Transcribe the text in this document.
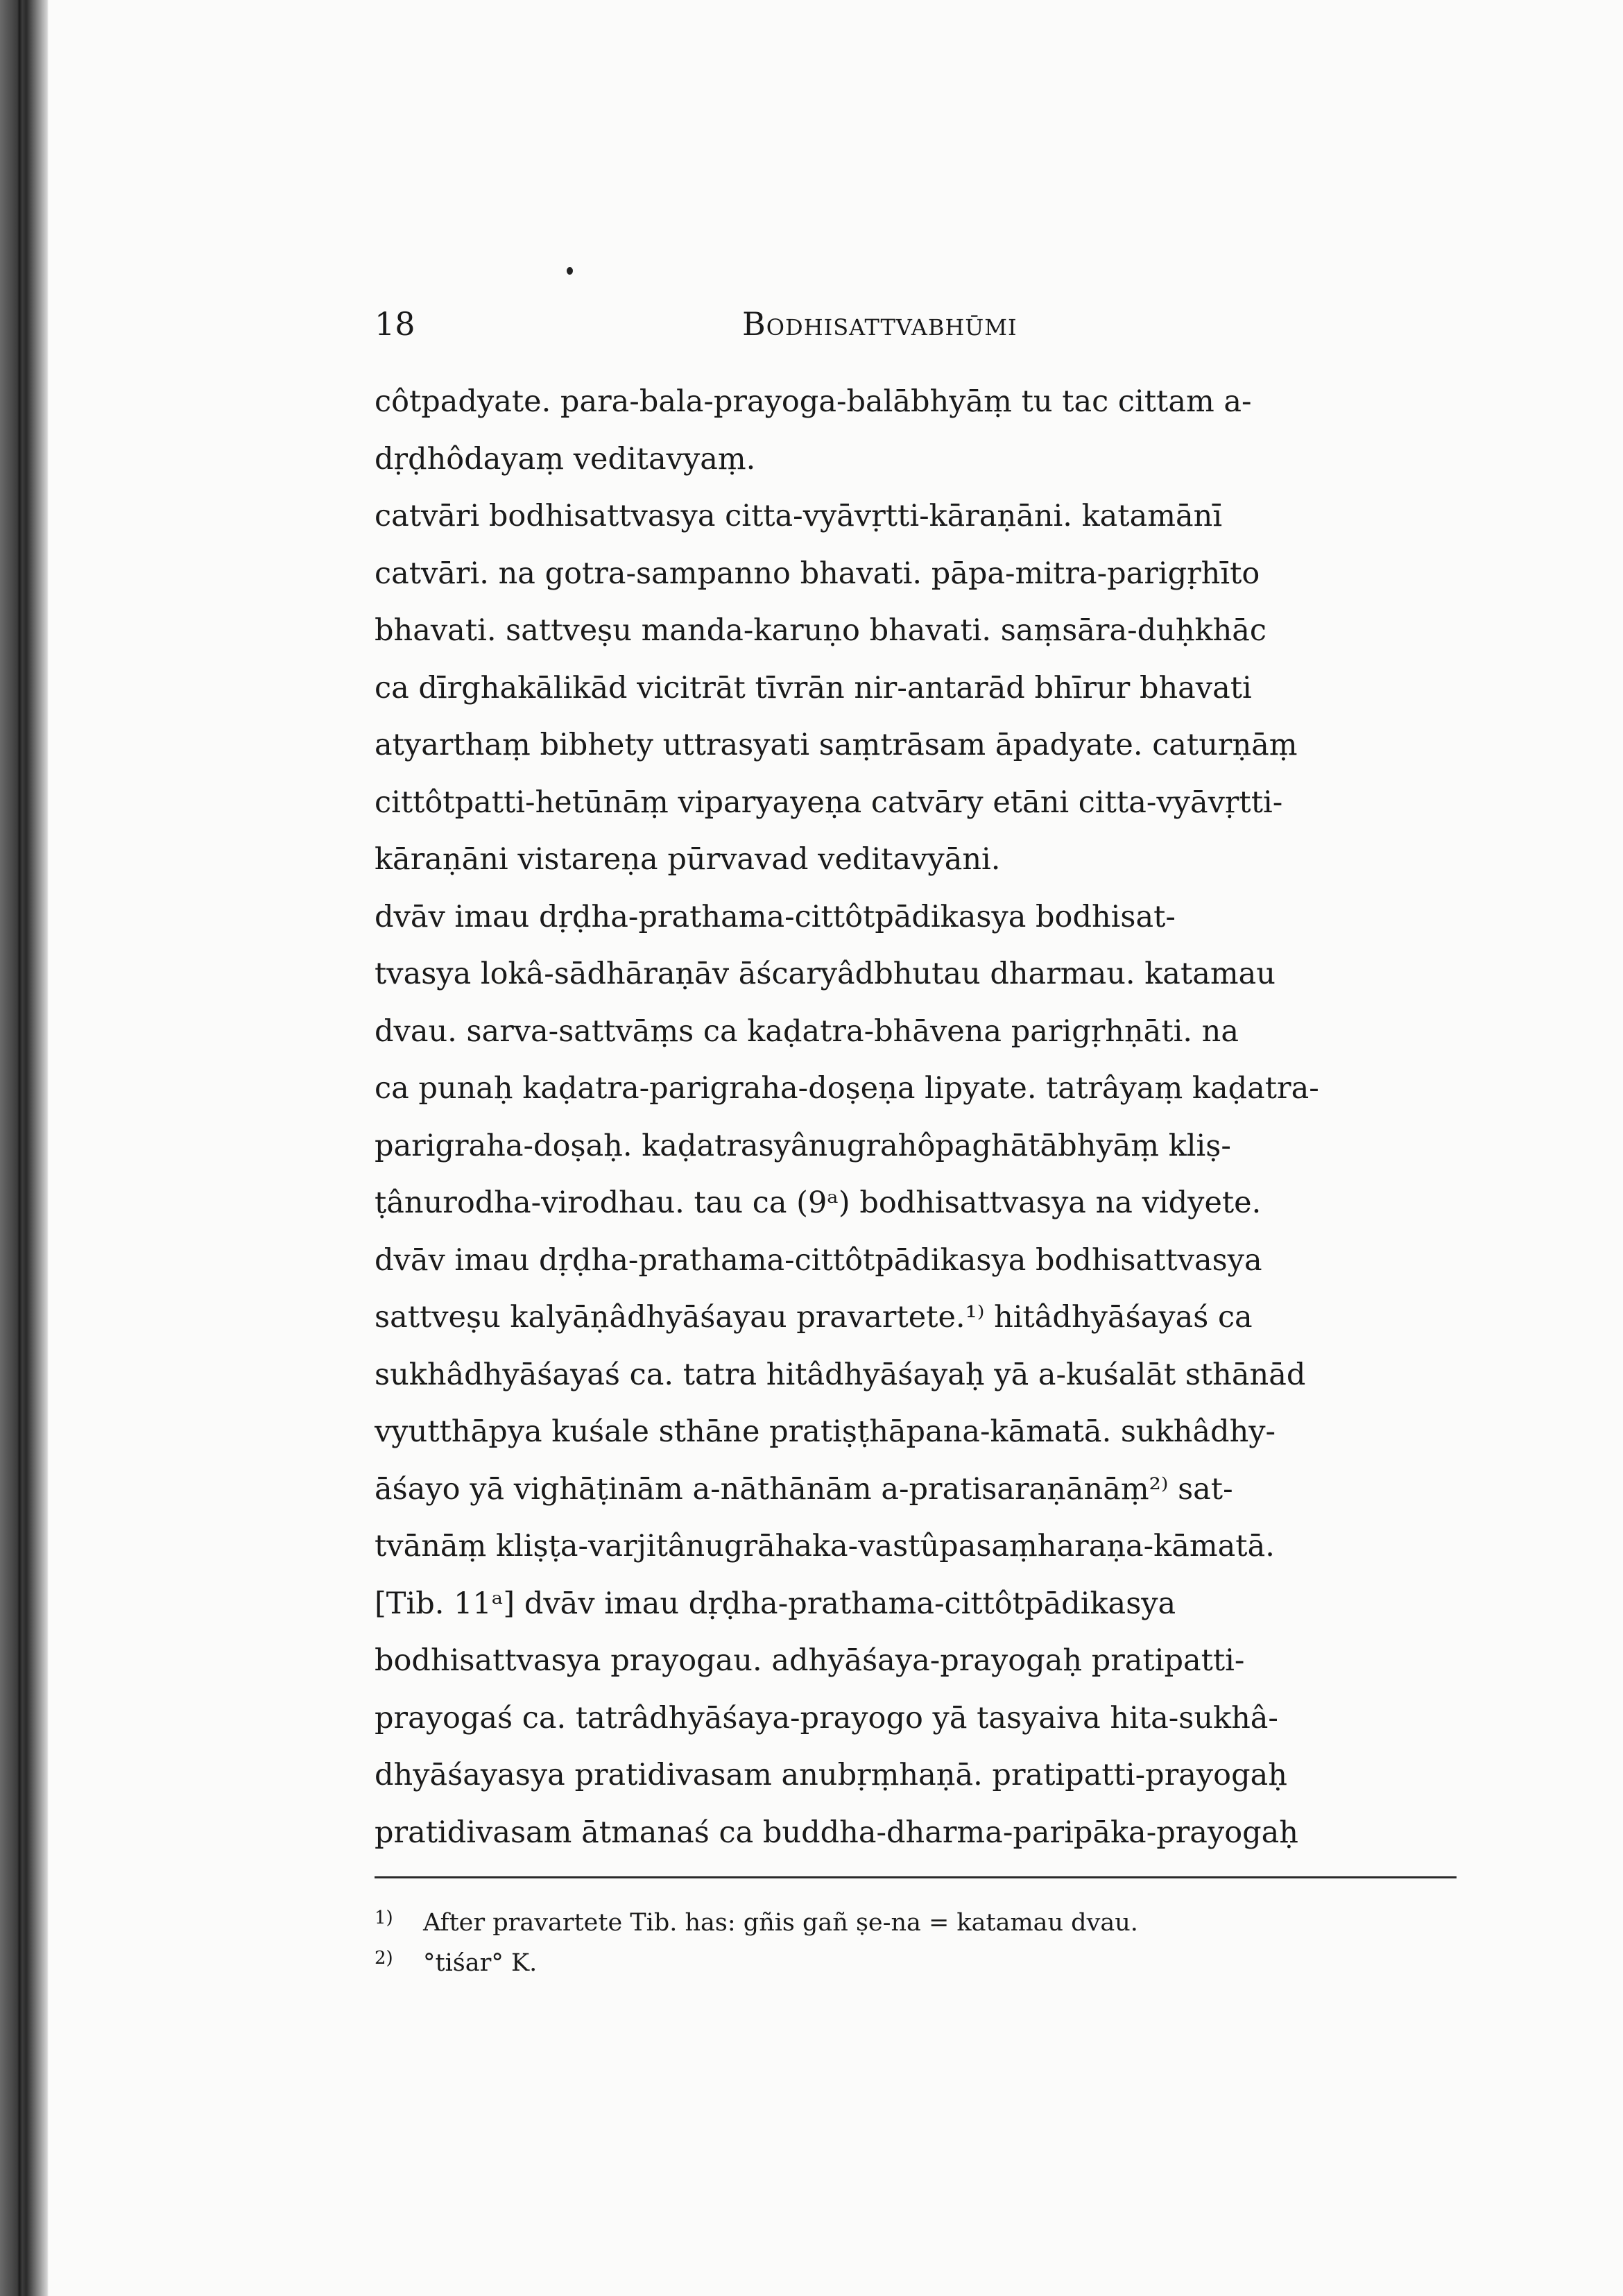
18	Bodhisattvabhūmi
côtpadyate. para-bala-prayoga-balābhyāṃ tu tac cittam a-
dṛḍhôdayaṃ veditavyaṃ.
catvāri bodhisattvasya citta-vyāvṛtti-kāraṇāni. katamānī
catvāri. na gotra-sampanno bhavati. pāpa-mitra-parigṛhīto
bhavati. sattveṣu manda-karuṇo bhavati. saṃsāra-duḥkhāc
ca dīrghakālikād vicitrāt tīvrān nir-antarād bhīrur bhavati
atyarthaṃ bibhety uttrasyati saṃtrāsam āpadyate. caturṇāṃ
cittôtpatti-hetūnāṃ viparyayeṇa catvāry etāni citta-vyāvṛtti-
kāraṇāni vistareṇa pūrvavad veditavyāni.
dvāv imau dṛḍha-prathama-cittôtpādikasya bodhisat-
tvasya lokâ-sādhāraṇāv āścaryâdbhutau dharmau. katamau
dvau. sarva-sattvāṃs ca kaḍatra-bhāvena parigṛhṇāti. na
ca punaḥ kaḍatra-parigraha-doṣeṇa lipyate. tatrâyaṃ kaḍatra-
parigraha-doṣaḥ. kaḍatrasyânugrahôpaghātābhyāṃ kliṣ-
ṭânurodha-virodhau. tau ca (9ᵃ) bodhisattvasya na vidyete.
dvāv imau dṛḍha-prathama-cittôtpādikasya bodhisattvasya
sattveṣu kalyāṇâdhyāśayau pravartete.¹⁾ hitâdhyāśayaś ca
sukhâdhyāśayaś ca. tatra hitâdhyāśayaḥ yā a-kuśalāt sthānād
vyutthāpya kuśale sthāne pratiṣṭhāpana-kāmatā. sukhâdhy-
āśayo yā vighāṭinām a-nāthānām a-pratisaraṇānāṃ²⁾ sat-
tvānāṃ kliṣṭa-varjitânugrāhaka-vastûpasaṃharaṇa-kāmatā.
[Tib. 11ᵃ] dvāv imau dṛḍha-prathama-cittôtpādikasya
bodhisattvasya prayogau. adhyāśaya-prayogaḥ pratipatti-
prayogaś ca. tatrâdhyāśaya-prayogo yā tasyaiva hita-sukhâ-
dhyāśayasya pratidivasam anubṛṃhaṇā. pratipatti-prayogaḥ
pratidivasam ātmanaś ca buddha-dharma-paripāka-prayogaḥ
1) After pravartete Tib. has: gñis gañ ṣe-na = katamau dvau.
2) °tiśar° K.
